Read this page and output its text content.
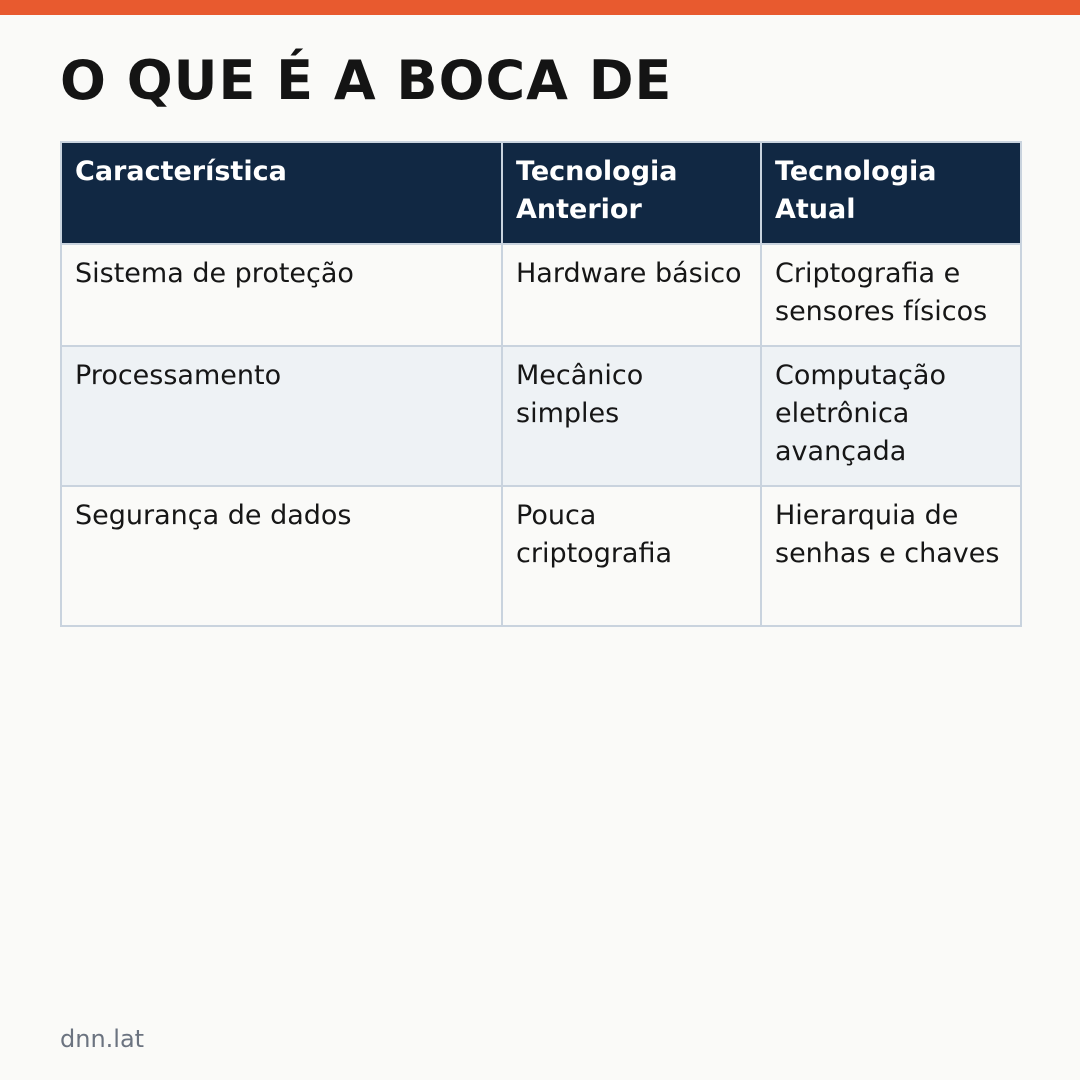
O QUE É A BOCA DE
Característica	Tecnologia Anterior	Tecnologia Atual
Sistema de proteção	Hardware básico	Criptografia e sensores físicos
Processamento	Mecânico simples	Computação eletrônica avançada
Segurança de dados	Pouca criptografia	Hierarquia de senhas e chaves
dnn.lat
